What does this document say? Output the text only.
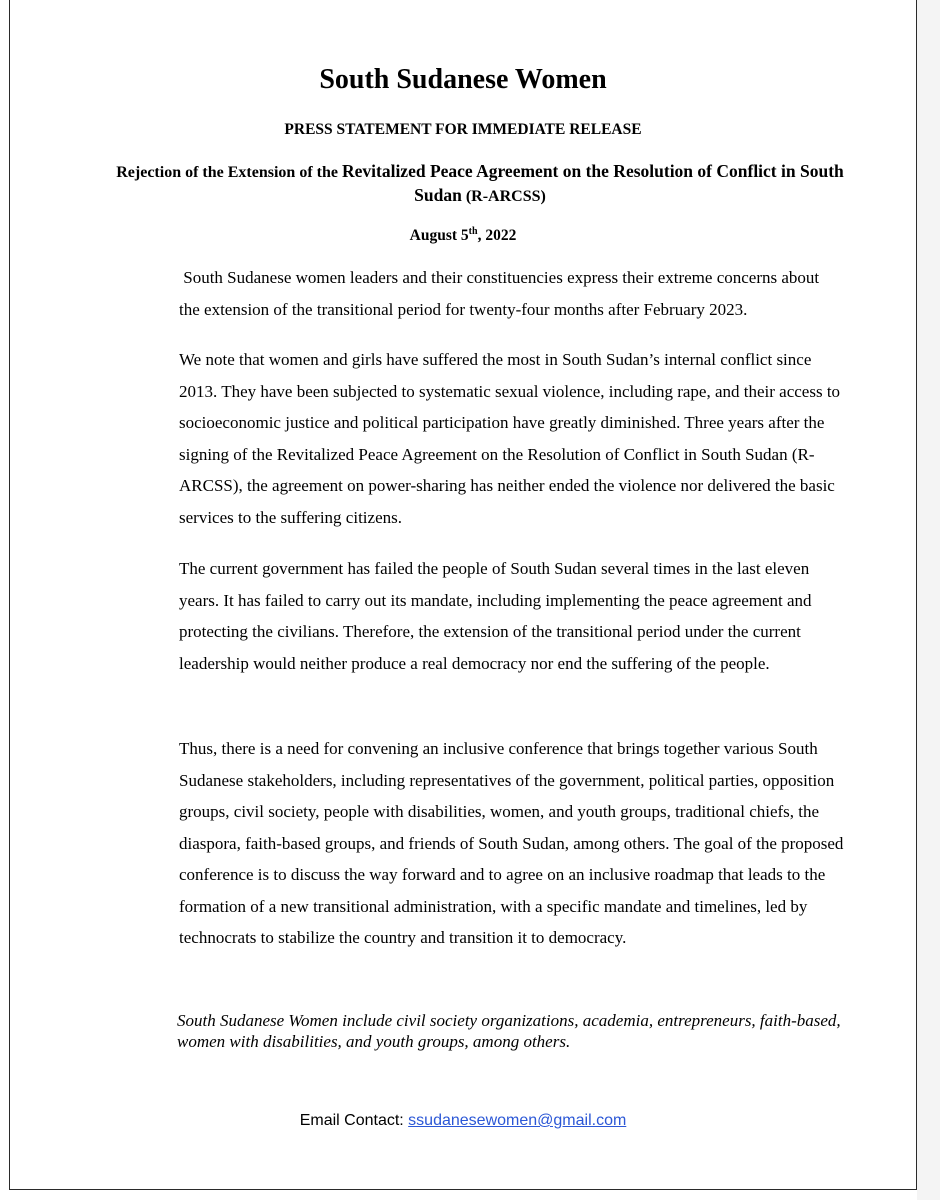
South Sudanese Women

PRESS STATEMENT FOR IMMEDIATE RELEASE

Rejection of the Extension of the Revitalized Peace Agreement on the Resolution of Conflict in South Sudan (R-ARCSS)

August 5th, 2022

South Sudanese women leaders and their constituencies express their extreme concerns about the extension of the transitional period for twenty-four months after February 2023.

We note that women and girls have suffered the most in South Sudan’s internal conflict since 2013. They have been subjected to systematic sexual violence, including rape, and their access to socioeconomic justice and political participation have greatly diminished. Three years after the signing of the Revitalized Peace Agreement on the Resolution of Conflict in South Sudan (R-ARCSS), the agreement on power-sharing has neither ended the violence nor delivered the basic services to the suffering citizens.

The current government has failed the people of South Sudan several times in the last eleven years. It has failed to carry out its mandate, including implementing the peace agreement and protecting the civilians. Therefore, the extension of the transitional period under the current leadership would neither produce a real democracy nor end the suffering of the people.

Thus, there is a need for convening an inclusive conference that brings together various South Sudanese stakeholders, including representatives of the government, political parties, opposition groups, civil society, people with disabilities, women, and youth groups, traditional chiefs, the diaspora, faith-based groups, and friends of South Sudan, among others. The goal of the proposed conference is to discuss the way forward and to agree on an inclusive roadmap that leads to the formation of a new transitional administration, with a specific mandate and timelines, led by technocrats to stabilize the country and transition it to democracy.

South Sudanese Women include civil society organizations, academia, entrepreneurs, faith-based, women with disabilities, and youth groups, among others.

Email Contact: ssudanesewomen@gmail.com
